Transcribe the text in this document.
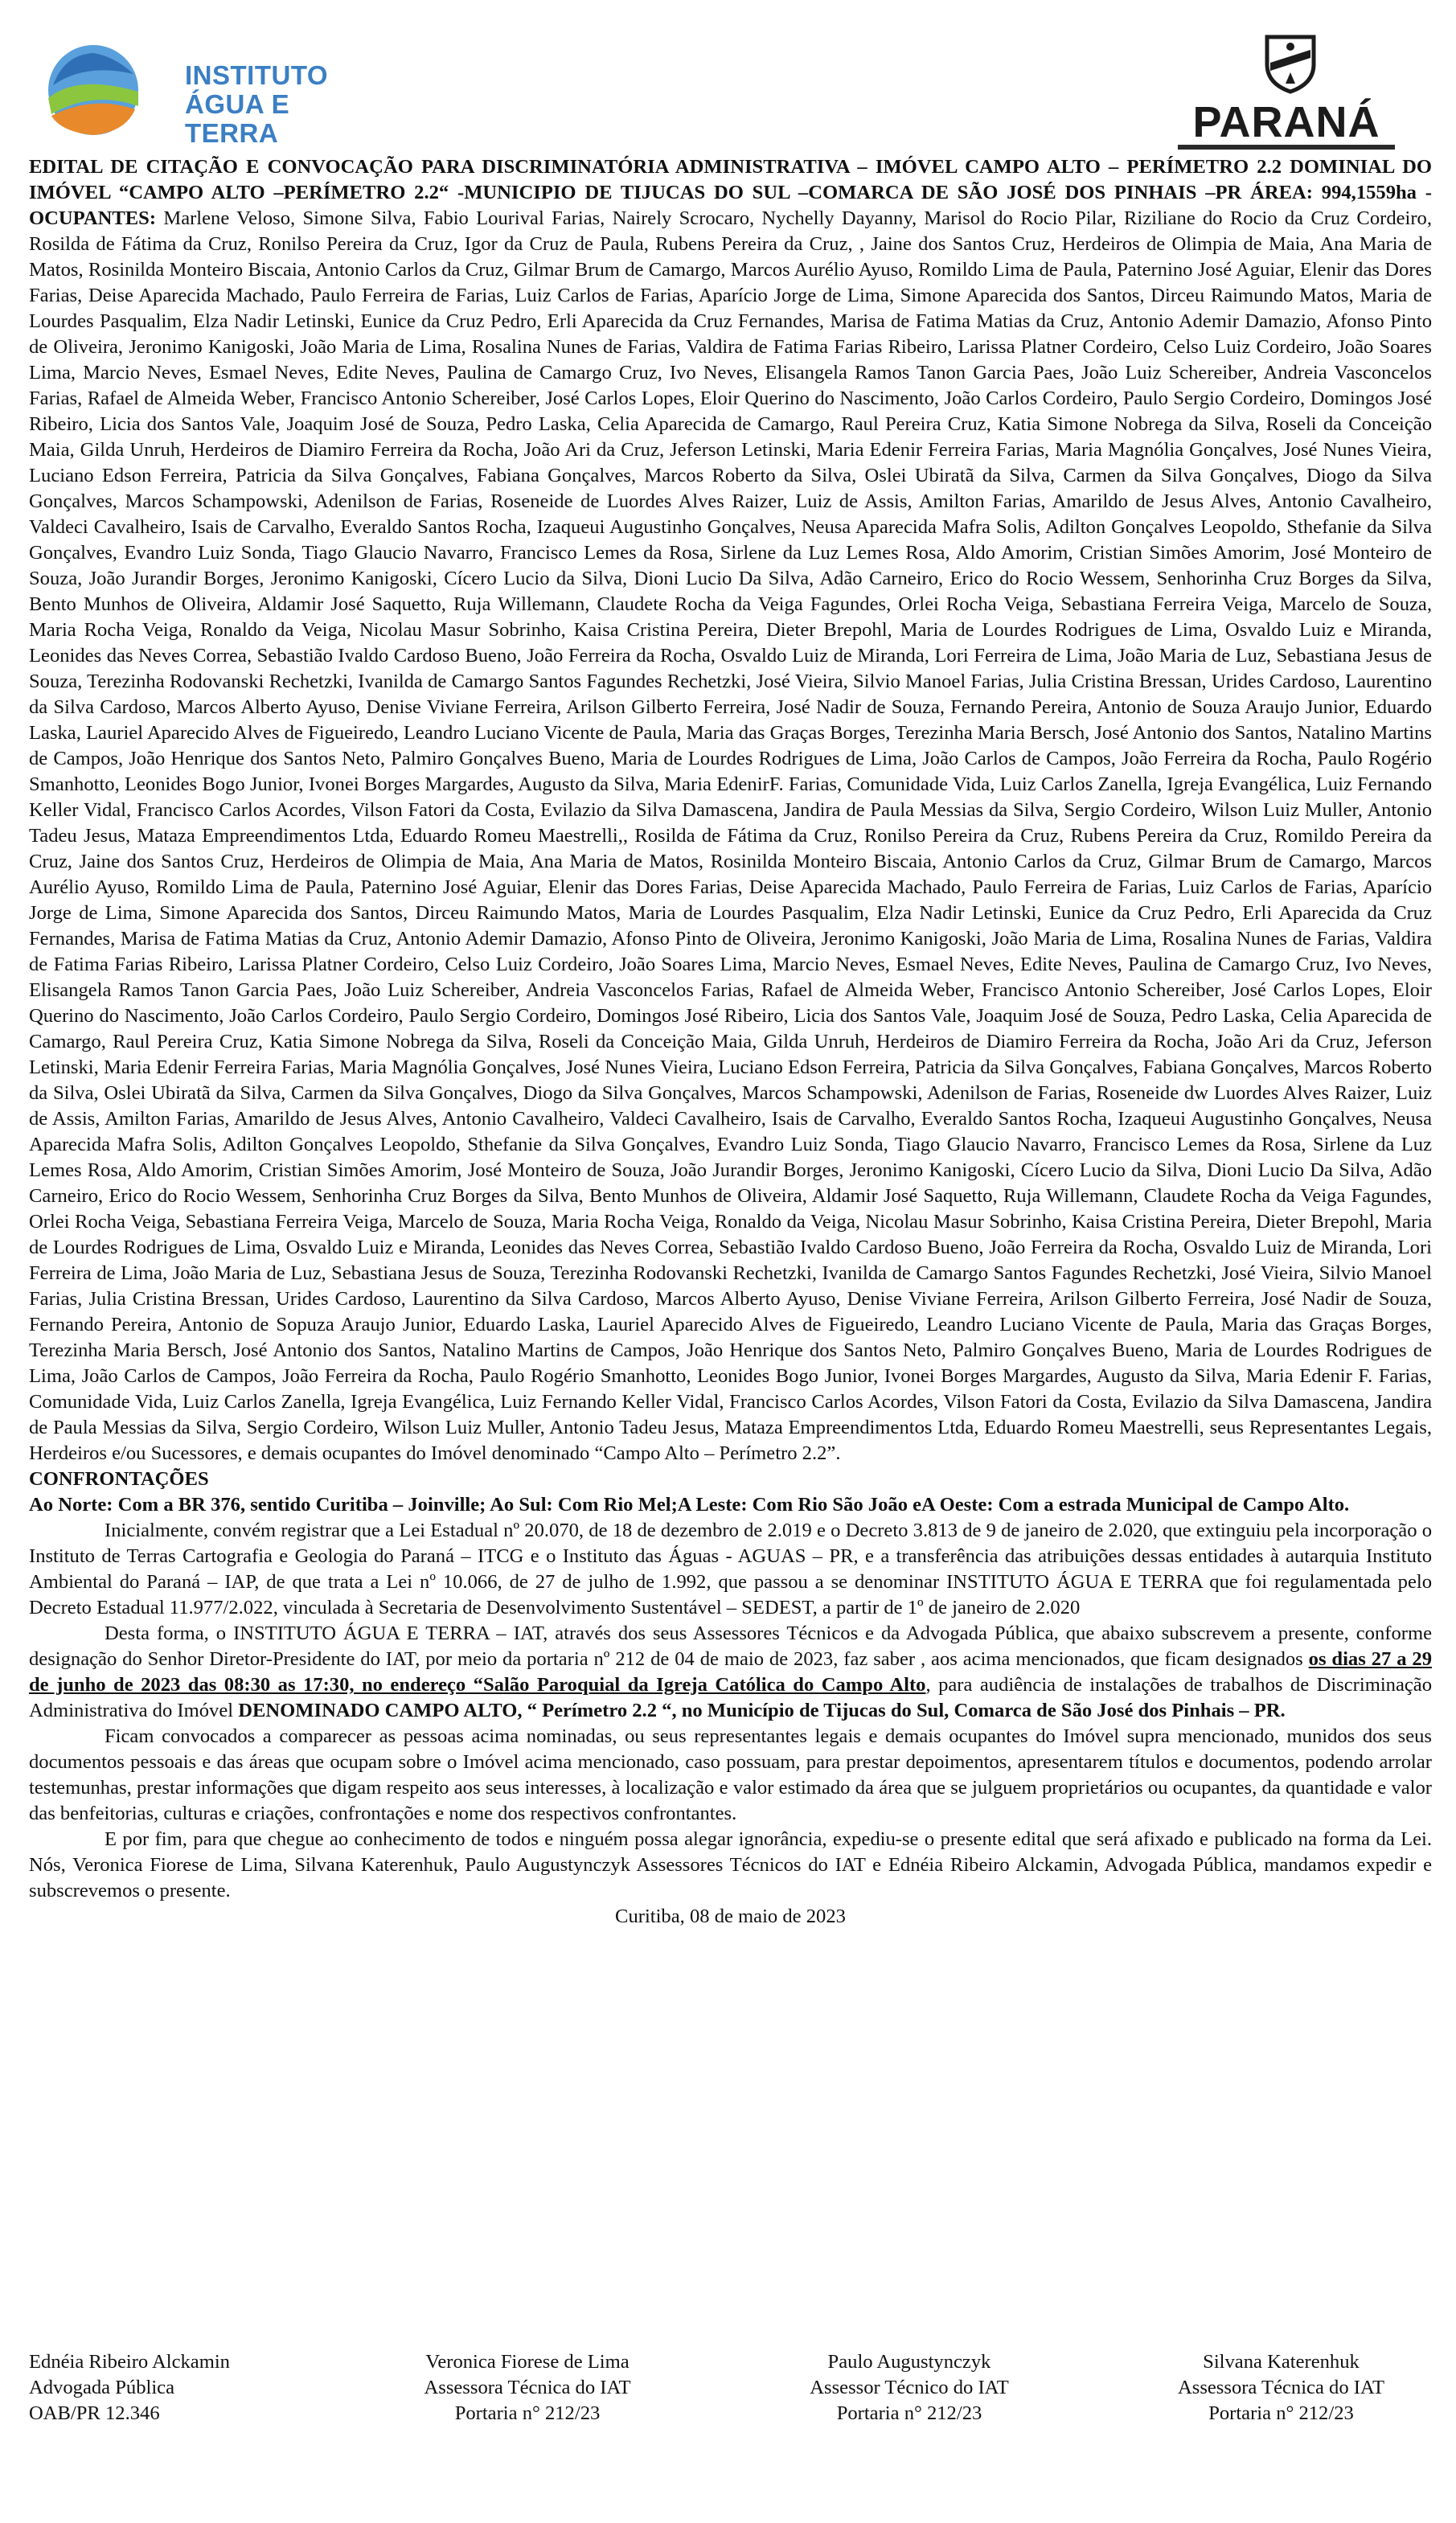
INSTITUTO
ÁGUA E TERRA	PARANÁ

EDITAL DE CITAÇÃO E CONVOCAÇÃO PARA DISCRIMINATÓRIA ADMINISTRATIVA – IMÓVEL CAMPO ALTO – PERÍMETRO 2.2 DOMINIAL DO IMÓVEL “CAMPO ALTO –PERÍMETRO 2.2“ -MUNICIPIO DE TIJUCAS DO SUL –COMARCA DE SÃO JOSÉ DOS PINHAIS –PR ÁREA: 994,1559ha - OCUPANTES: Marlene Veloso, Simone Silva, Fabio Lourival Farias, Nairely Scrocaro, Nychelly Dayanny, Marisol do Rocio Pilar, Riziliane do Rocio da Cruz Cordeiro, Rosilda de Fátima da Cruz, Ronilso Pereira da Cruz, Igor da Cruz de Paula, Rubens Pereira da Cruz, , Jaine dos Santos Cruz, Herdeiros de Olimpia de Maia, Ana Maria de Matos, Rosinilda Monteiro Biscaia, Antonio Carlos da Cruz, Gilmar Brum de Camargo, Marcos Aurélio Ayuso, Romildo Lima de Paula, Paternino José Aguiar, Elenir das Dores Farias, Deise Aparecida Machado, Paulo Ferreira de Farias, Luiz Carlos de Farias, Aparício Jorge de Lima, Simone Aparecida dos Santos, Dirceu Raimundo Matos, Maria de Lourdes Pasqualim, Elza Nadir Letinski, Eunice da Cruz Pedro, Erli Aparecida da Cruz Fernandes, Marisa de Fatima Matias da Cruz, Antonio Ademir Damazio, Afonso Pinto de Oliveira, Jeronimo Kanigoski, João Maria de Lima, Rosalina Nunes de Farias, Valdira de Fatima Farias Ribeiro, Larissa Platner Cordeiro, Celso Luiz Cordeiro, João Soares Lima, Marcio Neves, Esmael Neves, Edite Neves, Paulina de Camargo Cruz, Ivo Neves, Elisangela Ramos Tanon Garcia Paes, João Luiz Schereiber, Andreia Vasconcelos Farias, Rafael de Almeida Weber, Francisco Antonio Schereiber, José Carlos Lopes, Eloir Querino do Nascimento, João Carlos Cordeiro, Paulo Sergio Cordeiro, Domingos José Ribeiro, Licia dos Santos Vale, Joaquim José de Souza, Pedro Laska, Celia Aparecida de Camargo, Raul Pereira Cruz, Katia Simone Nobrega da Silva, Roseli da Conceição Maia, Gilda Unruh, Herdeiros de Diamiro Ferreira da Rocha, João Ari da Cruz, Jeferson Letinski, Maria Edenir Ferreira Farias, Maria Magnólia Gonçalves, José Nunes Vieira, Luciano Edson Ferreira, Patricia da Silva Gonçalves, Fabiana Gonçalves, Marcos Roberto da Silva, Oslei Ubiratã da Silva, Carmen da Silva Gonçalves, Diogo da Silva Gonçalves, Marcos Schampowski, Adenilson de Farias, Roseneide de Luordes Alves Raizer, Luiz de Assis, Amilton Farias, Amarildo de Jesus Alves, Antonio Cavalheiro, Valdeci Cavalheiro, Isais de Carvalho, Everaldo Santos Rocha, Izaqueui Augustinho Gonçalves, Neusa Aparecida Mafra Solis, Adilton Gonçalves Leopoldo, Sthefanie da Silva Gonçalves, Evandro Luiz Sonda, Tiago Glaucio Navarro, Francisco Lemes da Rosa, Sirlene da Luz Lemes Rosa, Aldo Amorim, Cristian Simões Amorim, José Monteiro de Souza, João Jurandir Borges, Jeronimo Kanigoski, Cícero Lucio da Silva, Dioni Lucio Da Silva, Adão Carneiro, Erico do Rocio Wessem, Senhorinha Cruz Borges da Silva, Bento Munhos de Oliveira, Aldamir José Saquetto, Ruja Willemann, Claudete Rocha da Veiga Fagundes, Orlei Rocha Veiga, Sebastiana Ferreira Veiga, Marcelo de Souza, Maria Rocha Veiga, Ronaldo da Veiga, Nicolau Masur Sobrinho, Kaisa Cristina Pereira, Dieter Brepohl, Maria de Lourdes Rodrigues de Lima, Osvaldo Luiz e Miranda, Leonides das Neves Correa, Sebastião Ivaldo Cardoso Bueno, João Ferreira da Rocha, Osvaldo Luiz de Miranda, Lori Ferreira de Lima, João Maria de Luz, Sebastiana Jesus de Souza, Terezinha Rodovanski Rechetzki, Ivanilda de Camargo Santos Fagundes Rechetzki, José Vieira, Silvio Manoel Farias, Julia Cristina Bressan, Urides Cardoso, Laurentino da Silva Cardoso, Marcos Alberto Ayuso, Denise Viviane Ferreira, Arilson Gilberto Ferreira, José Nadir de Souza, Fernando Pereira, Antonio de Souza Araujo Junior, Eduardo Laska, Lauriel Aparecido Alves de Figueiredo, Leandro Luciano Vicente de Paula, Maria das Graças Borges, Terezinha Maria Bersch, José Antonio dos Santos, Natalino Martins de Campos, João Henrique dos Santos Neto, Palmiro Gonçalves Bueno, Maria de Lourdes Rodrigues de Lima, João Carlos de Campos, João Ferreira da Rocha, Paulo Rogério Smanhotto, Leonides Bogo Junior, Ivonei Borges Margardes, Augusto da Silva, Maria EdenirF. Farias, Comunidade Vida, Luiz Carlos Zanella, Igreja Evangélica, Luiz Fernando Keller Vidal, Francisco Carlos Acordes, Vilson Fatori da Costa, Evilazio da Silva Damascena, Jandira de Paula Messias da Silva, Sergio Cordeiro, Wilson Luiz Muller, Antonio Tadeu Jesus, Mataza Empreendimentos Ltda, Eduardo Romeu Maestrelli,, Rosilda de Fátima da Cruz, Ronilso Pereira da Cruz, Rubens Pereira da Cruz, Romildo Pereira da Cruz, Jaine dos Santos Cruz, Herdeiros de Olimpia de Maia, Ana Maria de Matos, Rosinilda Monteiro Biscaia, Antonio Carlos da Cruz, Gilmar Brum de Camargo, Marcos Aurélio Ayuso, Romildo Lima de Paula, Paternino José Aguiar, Elenir das Dores Farias, Deise Aparecida Machado, Paulo Ferreira de Farias, Luiz Carlos de Farias, Aparício Jorge de Lima, Simone Aparecida dos Santos, Dirceu Raimundo Matos, Maria de Lourdes Pasqualim, Elza Nadir Letinski, Eunice da Cruz Pedro, Erli Aparecida da Cruz Fernandes, Marisa de Fatima Matias da Cruz, Antonio Ademir Damazio, Afonso Pinto de Oliveira, Jeronimo Kanigoski, João Maria de Lima, Rosalina Nunes de Farias, Valdira de Fatima Farias Ribeiro, Larissa Platner Cordeiro, Celso Luiz Cordeiro, João Soares Lima, Marcio Neves, Esmael Neves, Edite Neves, Paulina de Camargo Cruz, Ivo Neves, Elisangela Ramos Tanon Garcia Paes, João Luiz Schereiber, Andreia Vasconcelos Farias, Rafael de Almeida Weber, Francisco Antonio Schereiber, José Carlos Lopes, Eloir Querino do Nascimento, João Carlos Cordeiro, Paulo Sergio Cordeiro, Domingos José Ribeiro, Licia dos Santos Vale, Joaquim José de Souza, Pedro Laska, Celia Aparecida de Camargo, Raul Pereira Cruz, Katia Simone Nobrega da Silva, Roseli da Conceição Maia, Gilda Unruh, Herdeiros de Diamiro Ferreira da Rocha, João Ari da Cruz, Jeferson Letinski, Maria Edenir Ferreira Farias, Maria Magnólia Gonçalves, José Nunes Vieira, Luciano Edson Ferreira, Patricia da Silva Gonçalves, Fabiana Gonçalves, Marcos Roberto da Silva, Oslei Ubiratã da Silva, Carmen da Silva Gonçalves, Diogo da Silva Gonçalves, Marcos Schampowski, Adenilson de Farias, Roseneide dw Luordes Alves Raizer, Luiz de Assis, Amilton Farias, Amarildo de Jesus Alves, Antonio Cavalheiro, Valdeci Cavalheiro, Isais de Carvalho, Everaldo Santos Rocha, Izaqueui Augustinho Gonçalves, Neusa Aparecida Mafra Solis, Adilton Gonçalves Leopoldo, Sthefanie da Silva Gonçalves, Evandro Luiz Sonda, Tiago Glaucio Navarro, Francisco Lemes da Rosa, Sirlene da Luz Lemes Rosa, Aldo Amorim, Cristian Simões Amorim, José Monteiro de Souza, João Jurandir Borges, Jeronimo Kanigoski, Cícero Lucio da Silva, Dioni Lucio Da Silva, Adão Carneiro, Erico do Rocio Wessem, Senhorinha Cruz Borges da Silva, Bento Munhos de Oliveira, Aldamir José Saquetto, Ruja Willemann, Claudete Rocha da Veiga Fagundes, Orlei Rocha Veiga, Sebastiana Ferreira Veiga, Marcelo de Souza, Maria Rocha Veiga, Ronaldo da Veiga, Nicolau Masur Sobrinho, Kaisa Cristina Pereira, Dieter Brepohl, Maria de Lourdes Rodrigues de Lima, Osvaldo Luiz e Miranda, Leonides das Neves Correa, Sebastião Ivaldo Cardoso Bueno, João Ferreira da Rocha, Osvaldo Luiz de Miranda, Lori Ferreira de Lima, João Maria de Luz, Sebastiana Jesus de Souza, Terezinha Rodovanski Rechetzki, Ivanilda de Camargo Santos Fagundes Rechetzki, José Vieira, Silvio Manoel Farias, Julia Cristina Bressan, Urides Cardoso, Laurentino da Silva Cardoso, Marcos Alberto Ayuso, Denise Viviane Ferreira, Arilson Gilberto Ferreira, José Nadir de Souza, Fernando Pereira, Antonio de Sopuza Araujo Junior, Eduardo Laska, Lauriel Aparecido Alves de Figueiredo, Leandro Luciano Vicente de Paula, Maria das Graças Borges, Terezinha Maria Bersch, José Antonio dos Santos, Natalino Martins de Campos, João Henrique dos Santos Neto, Palmiro Gonçalves Bueno, Maria de Lourdes Rodrigues de Lima, João Carlos de Campos, João Ferreira da Rocha, Paulo Rogério Smanhotto, Leonides Bogo Junior, Ivonei Borges Margardes, Augusto da Silva, Maria Edenir F. Farias, Comunidade Vida, Luiz Carlos Zanella, Igreja Evangélica, Luiz Fernando Keller Vidal, Francisco Carlos Acordes, Vilson Fatori da Costa, Evilazio da Silva Damascena, Jandira de Paula Messias da Silva, Sergio Cordeiro, Wilson Luiz Muller, Antonio Tadeu Jesus, Mataza Empreendimentos Ltda, Eduardo Romeu Maestrelli, seus Representantes Legais, Herdeiros e/ou Sucessores, e demais ocupantes do Imóvel denominado “Campo Alto – Perímetro 2.2”.

CONFRONTAÇÕES

Ao Norte: Com a BR 376, sentido Curitiba – Joinville; Ao Sul: Com Rio Mel;A Leste: Com Rio São João eA Oeste: Com a estrada Municipal de Campo Alto.

Inicialmente, convém registrar que a Lei Estadual nº 20.070, de 18 de dezembro de 2.019 e o Decreto 3.813 de 9 de janeiro de 2.020, que extinguiu pela incorporação o Instituto de Terras Cartografia e Geologia do Paraná – ITCG e o Instituto das Águas - AGUAS – PR, e a transferência das atribuições dessas entidades à autarquia Instituto Ambiental do Paraná – IAP, de que trata a Lei nº 10.066, de 27 de julho de 1.992, que passou a se denominar INSTITUTO ÁGUA E TERRA que foi regulamentada pelo Decreto Estadual 11.977/2.022, vinculada à Secretaria de Desenvolvimento Sustentável – SEDEST, a partir de 1º de janeiro de 2.020

Desta forma, o INSTITUTO ÁGUA E TERRA – IAT, através dos seus Assessores Técnicos e da Advogada Pública, que abaixo subscrevem a presente, conforme designação do Senhor Diretor-Presidente do IAT, por meio da portaria nº 212 de 04 de maio de 2023, faz saber , aos acima mencionados, que ficam designados os dias 27 a 29 de junho de 2023 das 08:30 as 17:30, no endereço “Salão Paroquial da Igreja Católica do Campo Alto, para audiência de instalações de trabalhos de Discriminação Administrativa do Imóvel DENOMINADO CAMPO ALTO, “ Perímetro 2.2 “, no Município de Tijucas do Sul, Comarca de São José dos Pinhais – PR.

Ficam convocados a comparecer as pessoas acima nominadas, ou seus representantes legais e demais ocupantes do Imóvel supra mencionado, munidos dos seus documentos pessoais e das áreas que ocupam sobre o Imóvel acima mencionado, caso possuam, para prestar depoimentos, apresentarem títulos e documentos, podendo arrolar testemunhas, prestar informações que digam respeito aos seus interesses, à localização e valor estimado da área que se julguem proprietários ou ocupantes, da quantidade e valor das benfeitorias, culturas e criações, confrontações e nome dos respectivos confrontantes.

E por fim, para que chegue ao conhecimento de todos e ninguém possa alegar ignorância, expediu-se o presente edital que será afixado e publicado na forma da Lei. Nós, Veronica Fiorese de Lima, Silvana Katerenhuk, Paulo Augustynczyk Assessores Técnicos do IAT e Ednéia Ribeiro Alckamin, Advogada Pública, mandamos expedir e subscrevemos o presente.

Curitiba, 08 de maio de 2023

Ednéia Ribeiro Alckamin
Advogada Pública
OAB/PR 12.346
Veronica Fiorese de Lima
Assessora Técnica do IAT
Portaria n° 212/23
Paulo Augustynczyk
Assessor Técnico do IAT
Portaria n° 212/23
Silvana Katerenhuk
Assessora Técnica do IAT
Portaria n° 212/23
